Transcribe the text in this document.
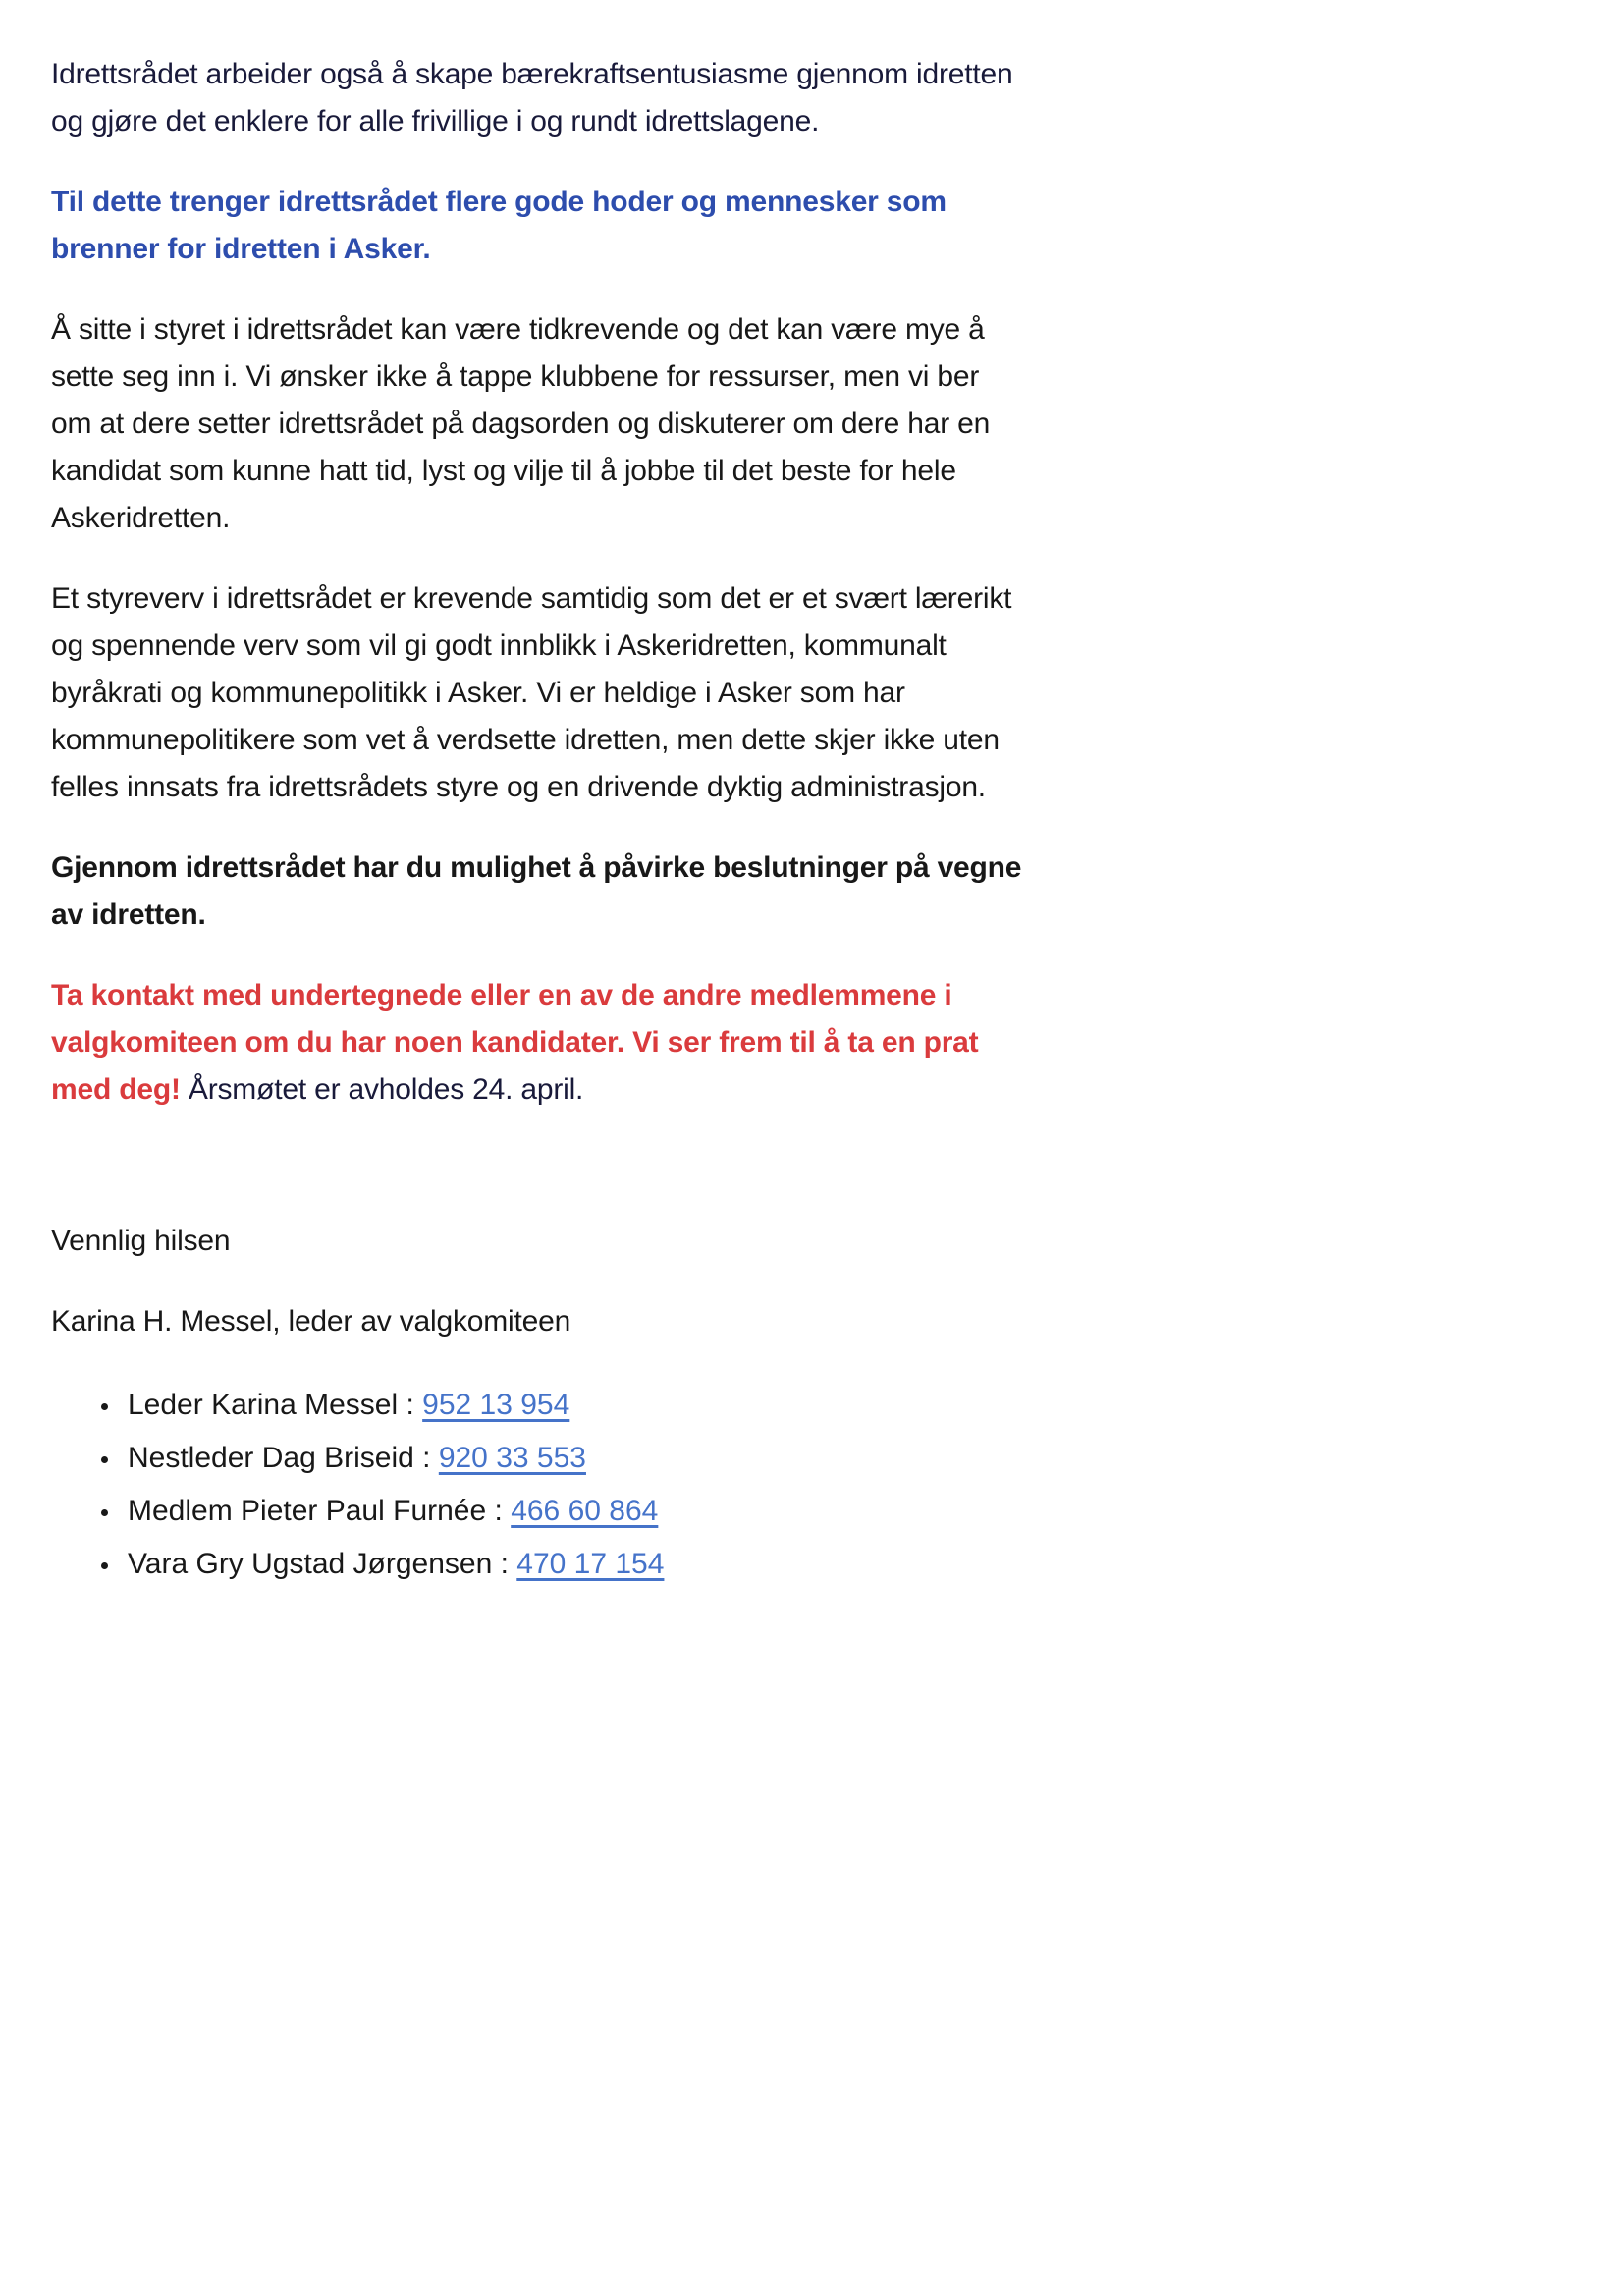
Idrettsrådet arbeider også å skape bærekraftsentusiasme gjennom idretten og gjøre det enklere for alle frivillige i og rundt idrettslagene.

Til dette trenger idrettsrådet flere gode hoder og mennesker som brenner for idretten i Asker.

Å sitte i styret i idrettsrådet kan være tidkrevende og det kan være mye å sette seg inn i. Vi ønsker ikke å tappe klubbene for ressurser, men vi ber om at dere setter idrettsrådet på dagsorden og diskuterer om dere har en kandidat som kunne hatt tid, lyst og vilje til å jobbe til det beste for hele Askeridretten.

Et styreverv i idrettsrådet er krevende samtidig som det er et svært lærerikt og spennende verv som vil gi godt innblikk i Askeridretten, kommunalt byråkrati og kommunepolitikk i Asker. Vi er heldige i Asker som har kommunepolitikere som vet å verdsette idretten, men dette skjer ikke uten felles innsats fra idrettsrådets styre og en drivende dyktig administrasjon.

Gjennom idrettsrådet har du mulighet å påvirke beslutninger på vegne av idretten.

Ta kontakt med undertegnede eller en av de andre medlemmene i valgkomiteen om du har noen kandidater. Vi ser frem til å ta en prat med deg! Årsmøtet er avholdes 24. april.

Vennlig hilsen

Karina H. Messel, leder av valgkomiteen

• Leder Karina Messel : 952 13 954
• Nestleder Dag Briseid : 920 33 553
• Medlem Pieter Paul Furnée : 466 60 864
• Vara Gry Ugstad Jørgensen : 470 17 154
